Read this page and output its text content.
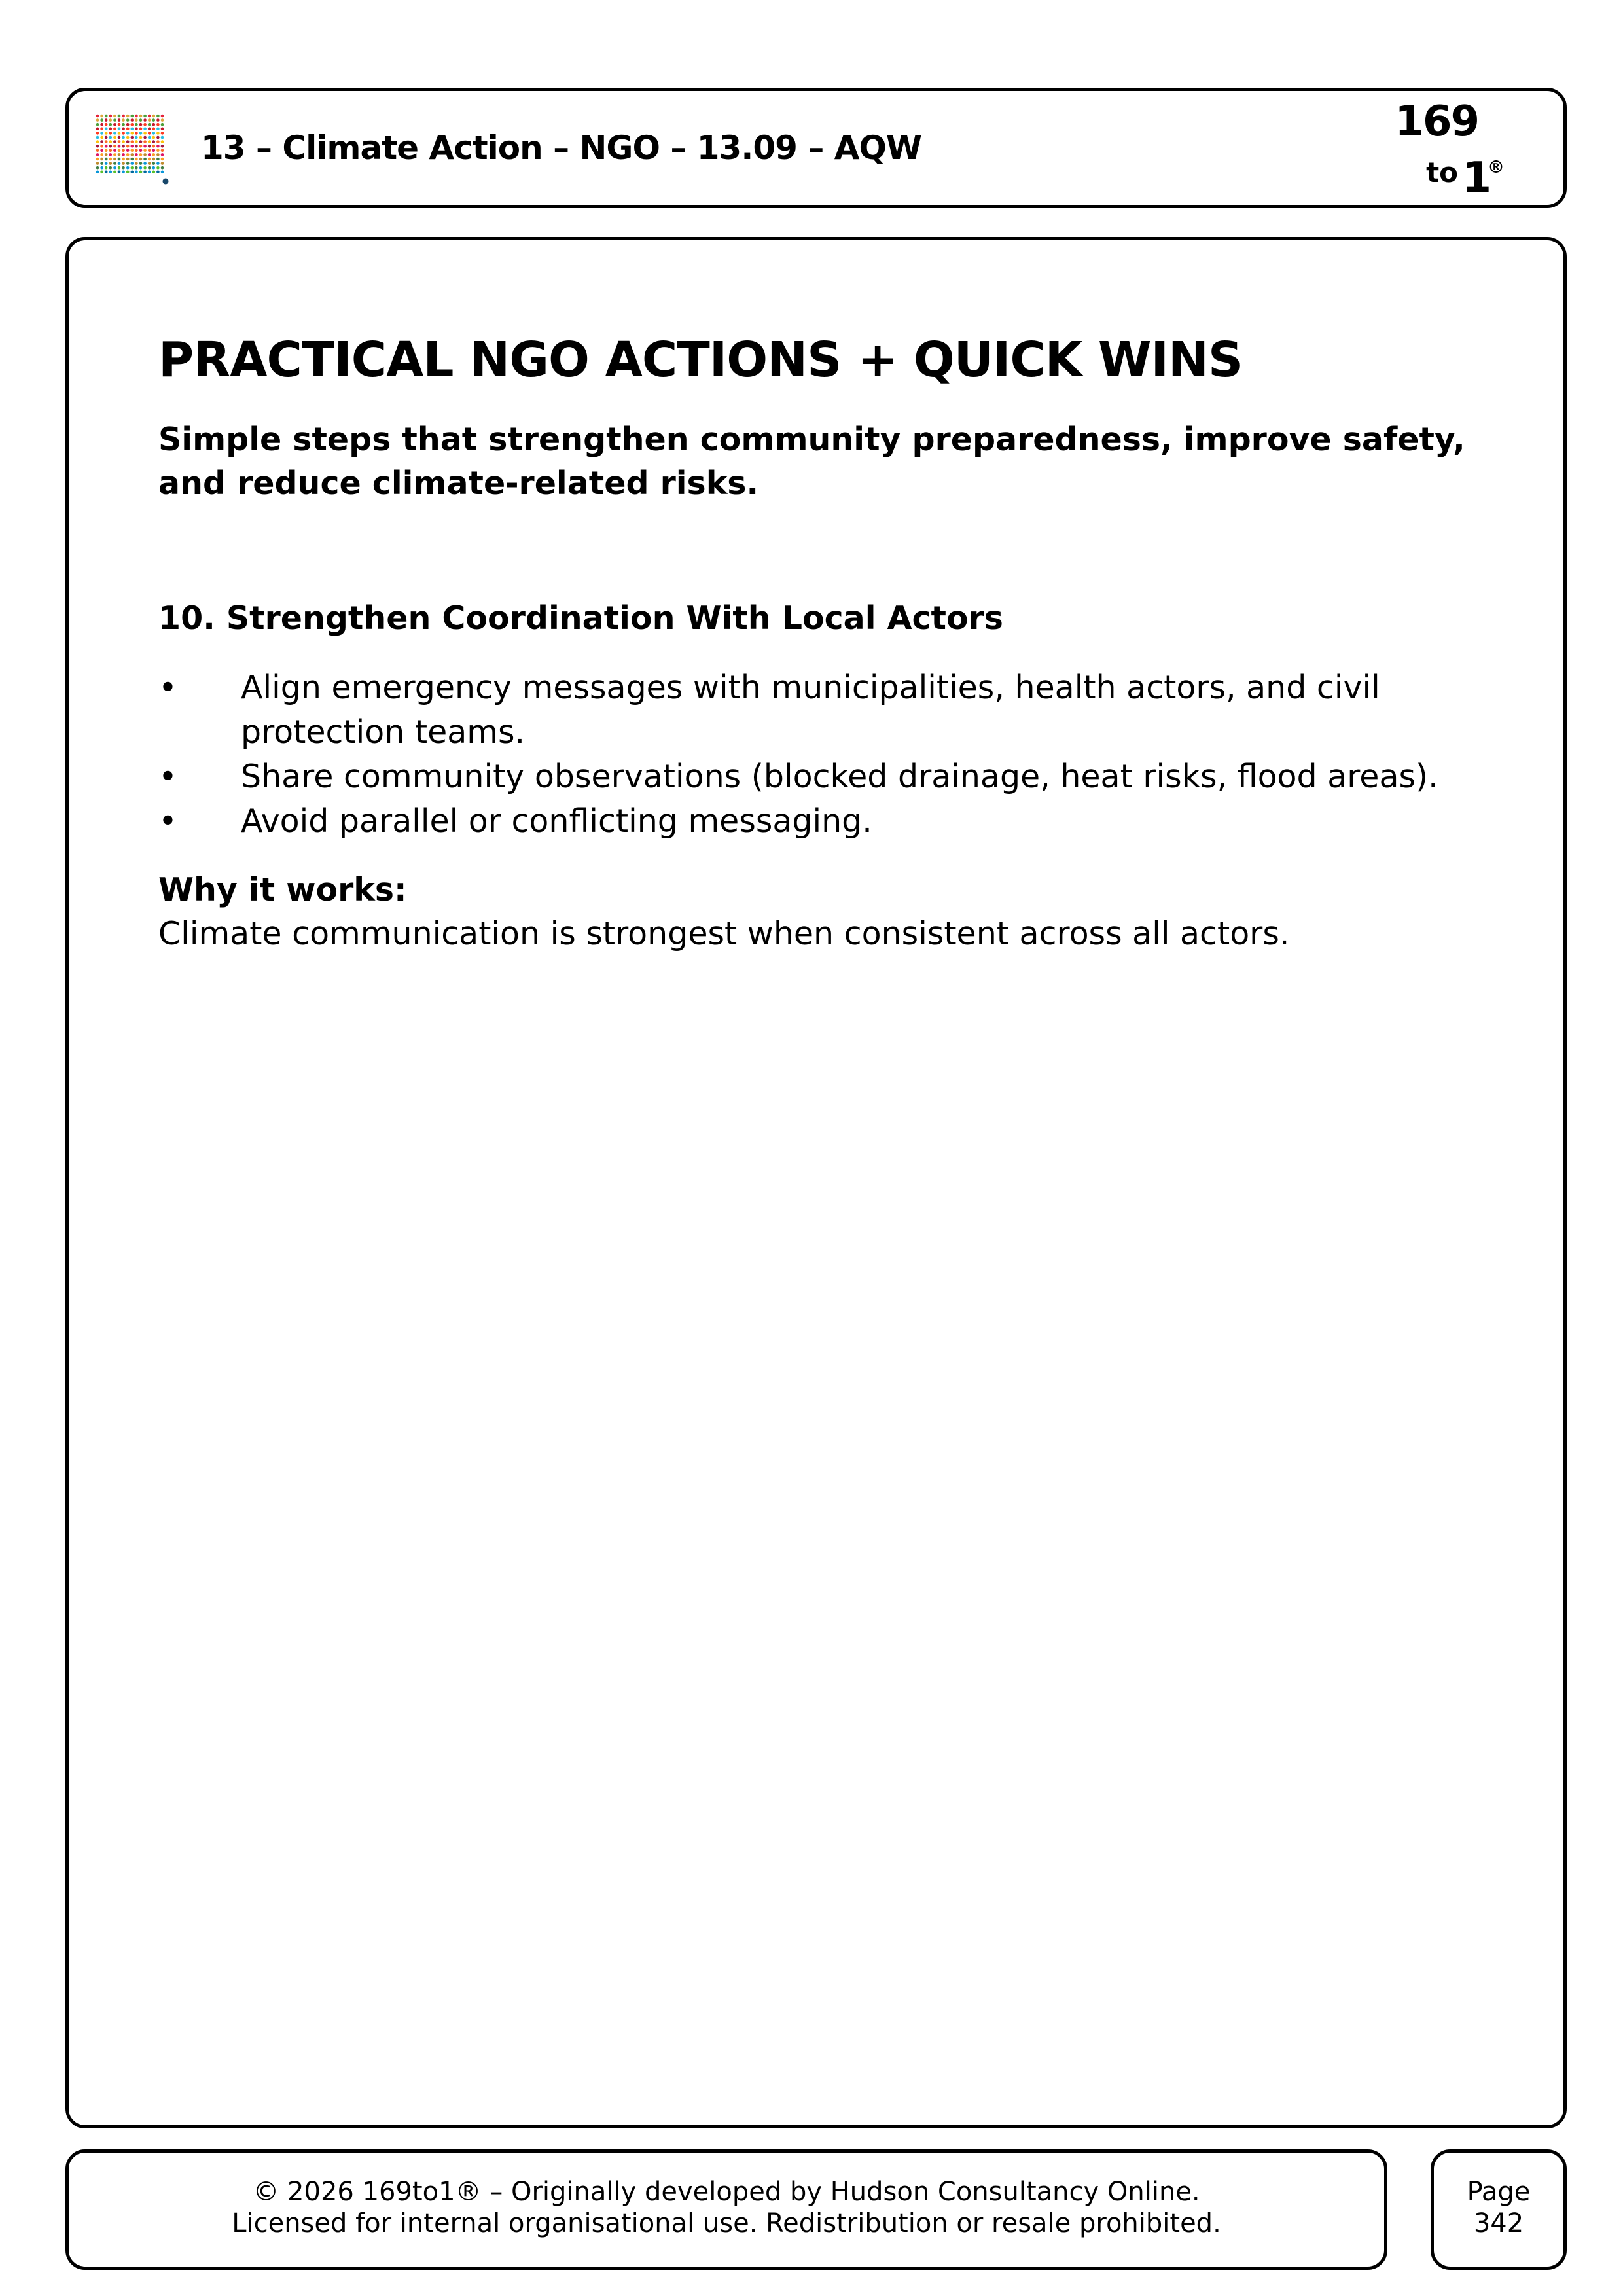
13 – Climate Action – NGO – 13.09 – AQW
169
to 1
®
PRACTICAL NGO ACTIONS + QUICK WINS

Simple steps that strengthen community preparedness, improve safety, and reduce climate-related risks.

10. Strengthen Coordination With Local Actors
• Align emergency messages with municipalities, health actors, and civil protection teams.
• Share community observations (blocked drainage, heat risks, flood areas).
• Avoid parallel or conflicting messaging.

Why it works:

Climate communication is strongest when consistent across all actors.

© 2026 169to1® – Originally developed by Hudson Consultancy Online.
Licensed for internal organisational use. Redistribution or resale prohibited.
Page
342
